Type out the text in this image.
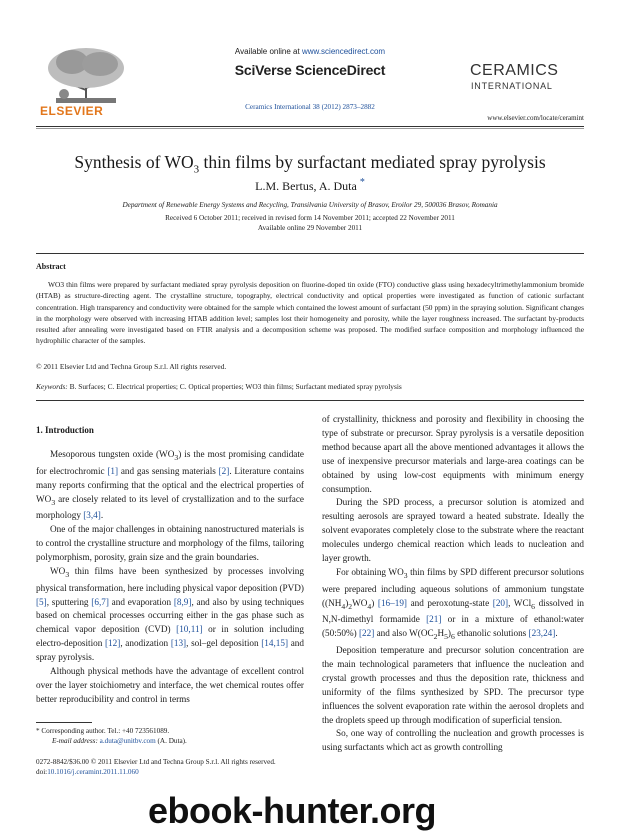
ELSEVIER
Available online at www.sciencedirect.com
SciVerse ScienceDirect
Ceramics International 38 (2012) 2873–2882
CERAMICS
INTERNATIONAL
www.elsevier.com/locate/ceramint
Synthesis of $WO_3$ thin films by surfactant mediated spray pyrolysis
L.M. Bertus, A. Duta *
Department of Renewable Energy Systems and Recycling, Transilvania University of Brasov, Eroilor 29, 500036 Brasov, Romania
Received 6 October 2011; received in revised form 14 November 2011; accepted 22 November 2011
Available online 29 November 2011
Abstract
WO3 thin films were prepared by surfactant mediated spray pyrolysis deposition on fluorine-doped tin oxide (FTO) conductive glass using hexadecyltrimethylammonium bromide (HTAB) as structure-directing agent. The crystalline structure, topography, electrical conductivity and optical properties were investigated as function of cationic surfactant concentration. High transparency and conductivity were obtained for the sample which contained the lowest amount of surfactant (50 ppm) in the spraying solution. Significant changes in the morphology were observed with increasing HTAB addition level; samples lost their homogeneity and porosity, while the layer roughness increased. The surfactant by-products resulted after annealing were investigated based on FTIR analysis and a decomposition scheme was proposed. The modified surface composition and morphology influenced the hydrophilic character of the samples.
© 2011 Elsevier Ltd and Techna Group S.r.l. All rights reserved.
Keywords: B. Surfaces; C. Electrical properties; C. Optical properties; WO3 thin films; Surfactant mediated spray pyrolysis
1. Introduction

Mesoporous tungsten oxide $(WO_3)$ is the most promising candidate for electrochromic [1] and gas sensing materials [2]. Literature contains many reports confirming that the optical and the electrical properties of $WO_3$ are closely related to its level of crystallization and to the surface morphology [3,4].

One of the major challenges in obtaining nanostructured materials is to control the crystalline structure and morphology of the films, tailoring polymorphism, porosity, grain size and the grain boundaries.

$WO_3$ thin films have been synthesized by processes involving physical transformation, here including physical vapor deposition (PVD) [5], sputtering [6,7] and evaporation [8,9], and also by using techniques based on chemical processes occurring either in the gas phase such as chemical vapor deposition (CVD) [10,11] or in solution including electro-deposition [12], anodization [13], sol–gel deposition [14,15] and spray pyrolysis.

Although physical methods have the advantage of excellent control over the layer stoichiometry and interface, the wet chemical routes offer better reproducibility and control in terms

of crystallinity, thickness and porosity and flexibility in choosing the type of substrate or precursor. Spray pyrolysis is a versatile deposition method because apart all the above mentioned advantages it allows the use of inexpensive precursor materials and large-area coatings can be obtained by using low-cost equipments with minimum energy consumption.

During the SPD process, a precursor solution is atomized and resulting aerosols are sprayed toward a heated substrate. Ideally the solvent evaporates completely close to the substrate where the reactant molecules undergo chemical reaction which leads to nucleation and layer growth.

For obtaining $WO_3$ thin films by SPD different precursor solutions were prepared including aqueous solutions of ammonium tungstate $((NH_4)_2WO_4)$ [16–19] and peroxotung-state [20], WCl$_6$ dissolved in N,N-dimethyl formamide [21] or in a mixture of ethanol:water (50:50%) [22] and also $W(OC_2H_5)_6$ ethanolic solutions [23,24].

Deposition temperature and precursor solution concentration are the main technological parameters that influence the nucleation and crystal growth processes and thus the deposition rate, thickness and uniformity of the films synthesized by SPD. The precursor type influences the solvent evaporation rate within the aerosol droplets and the droplets speed up through modification of superficial tension.

So, one way of controlling the nucleation and growth processes is using surfactants which act as growth controlling

* Corresponding author. Tel.: +40 723561089.
E-mail address: a.duta@unitbv.com (A. Duta).
0272-8842/$36.00 © 2011 Elsevier Ltd and Techna Group S.r.l. All rights reserved.
doi:10.1016/j.ceramint.2011.11.060
ebook-hunter.org
